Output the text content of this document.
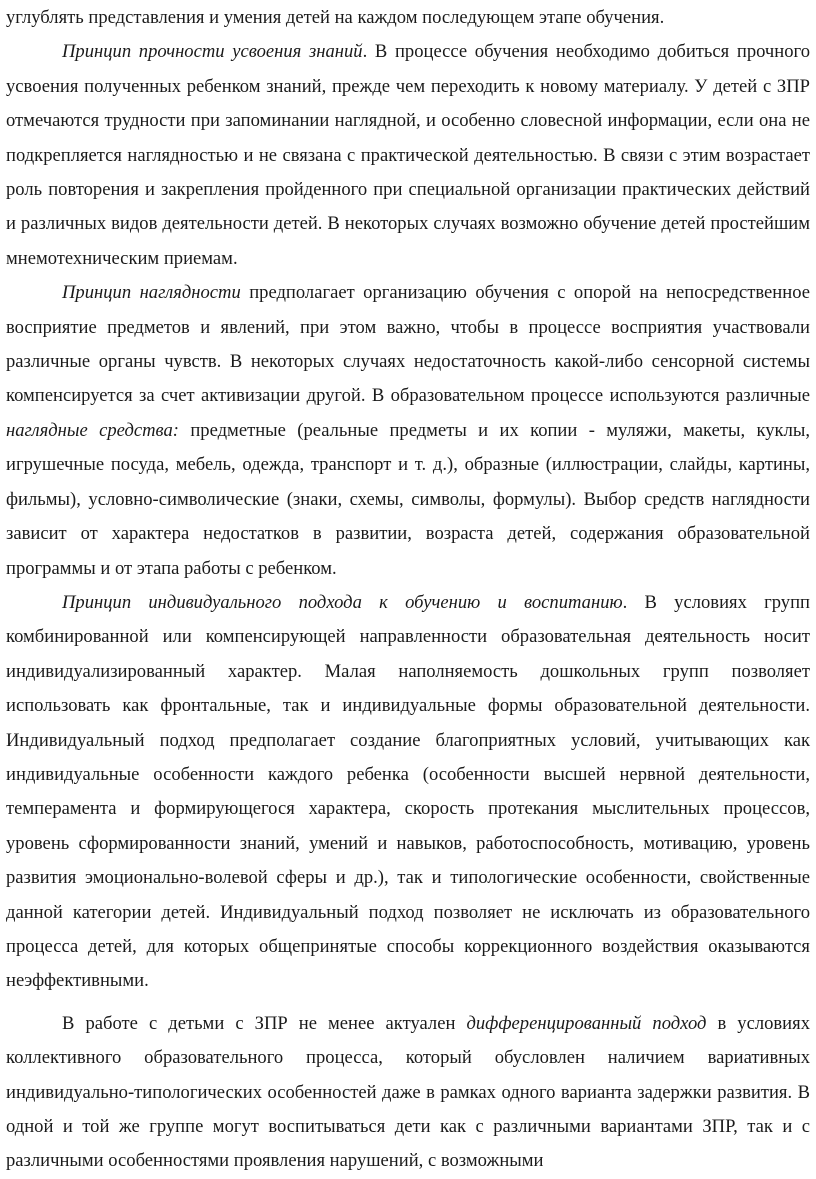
углублять представления и умения детей на каждом последующем этапе обучения.

Принцип прочности усвоения знаний. В процессе обучения необходимо добиться прочного усвоения полученных ребенком знаний, прежде чем переходить к новому материалу. У детей с ЗПР отмечаются трудности при запоминании наглядной, и особенно словесной информации, если она не подкрепляется наглядностью и не связана с практической деятельностью. В связи с этим возрастает роль повторения и закрепления пройденного при специальной организации практических действий и различных видов деятельности детей. В некоторых случаях возможно обучение детей простейшим мнемотехническим приемам.

Принцип наглядности предполагает организацию обучения с опорой на непосредственное восприятие предметов и явлений, при этом важно, чтобы в процессе восприятия участвовали различные органы чувств. В некоторых случаях недостаточность какой-либо сенсорной системы компенсируется за счет активизации другой. В образовательном процессе используются различные наглядные средства: предметные (реальные предметы и их копии - муляжи, макеты, куклы, игрушечные посуда, мебель, одежда, транспорт и т. д.), образные (иллюстрации, слайды, картины, фильмы), условно-символические (знаки, схемы, символы, формулы). Выбор средств наглядности зависит от характера недостатков в развитии, возраста детей, содержания образовательной программы и от этапа работы с ребенком.

Принцип индивидуального подхода к обучению и воспитанию. В условиях групп комбинированной или компенсирующей направленности образовательная деятельность носит индивидуализированный характер. Малая наполняемость дошкольных групп позволяет использовать как фронтальные, так и индивидуальные формы образовательной деятельности. Индивидуальный подход предполагает создание благоприятных условий, учитывающих как индивидуальные особенности каждого ребенка (особенности высшей нервной деятельности, темперамента и формирующегося характера, скорость протекания мыслительных процессов, уровень сформированности знаний, умений и навыков, работоспособность, мотивацию, уровень развития эмоционально-волевой сферы и др.), так и типологические особенности, свойственные данной категории детей. Индивидуальный подход позволяет не исключать из образовательного процесса детей, для которых общепринятые способы коррекционного воздействия оказываются неэффективными.

В работе с детьми с ЗПР не менее актуален дифференцированный подход в условиях коллективного образовательного процесса, который обусловлен наличием вариативных индивидуально-типологических особенностей даже в рамках одного варианта задержки развития. В одной и той же группе могут воспитываться дети как с различными вариантами ЗПР, так и с различными особенностями проявления нарушений, с возможными
